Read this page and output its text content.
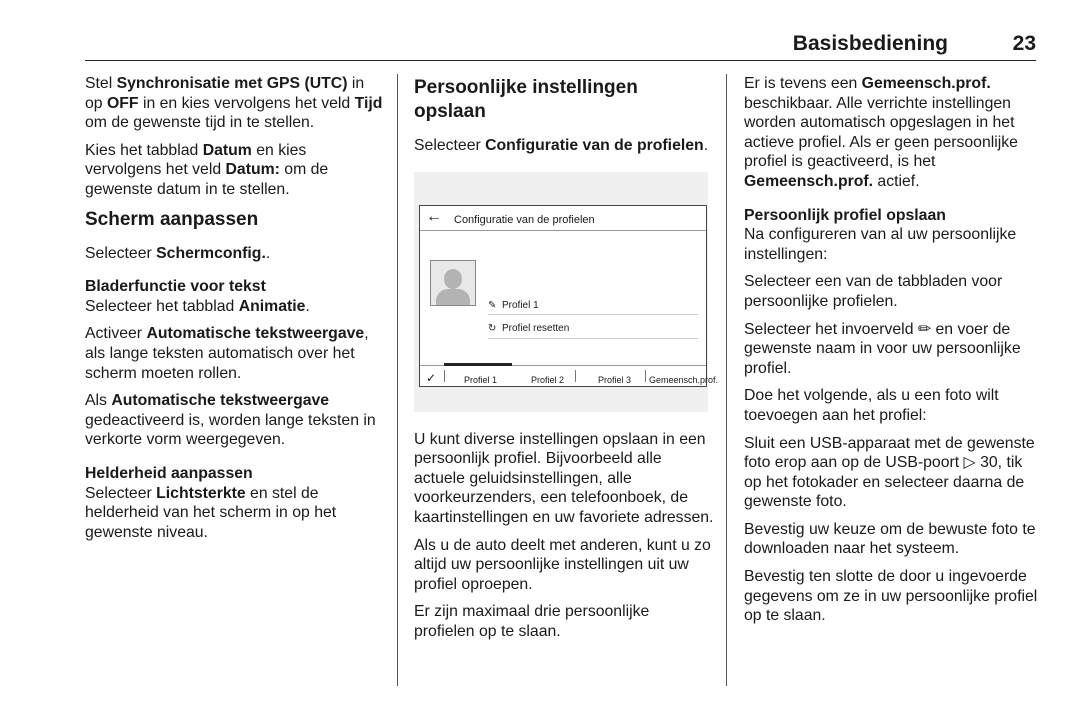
Basisbediening	23

Stel Synchronisatie met GPS (UTC) in op OFF in en kies vervolgens het veld Tijd om de gewenste tijd in te stellen.

Kies het tabblad Datum en kies vervolgens het veld Datum: om de gewenste datum in te stellen.

Scherm aanpassen

Selecteer Schermconfig..

Bladerfunctie voor tekst
Selecteer het tabblad Animatie.

Activeer Automatische tekstweergave, als lange teksten automatisch over het scherm moeten rollen.

Als Automatische tekstweergave gedeactiveerd is, worden lange teksten in verkorte vorm weergegeven.

Helderheid aanpassen
Selecteer Lichtsterkte en stel de helderheid van het scherm in op het gewenste niveau.

Persoonlijke instellingen opslaan

Selecteer Configuratie van de profielen.

← Configuratie van de profielen
✎ Profiel 1
↻ Profiel resetten
✓	Profiel 1	Profiel 2	Profiel 3 Gemeensch.prof.

U kunt diverse instellingen opslaan in een persoonlijk profiel. Bijvoorbeeld alle actuele geluidsinstellingen, alle voorkeurzenders, een telefoonboek, de kaartinstellingen en uw favoriete adressen.

Als u de auto deelt met anderen, kunt u zo altijd uw persoonlijke instellingen uit uw profiel oproepen.

Er zijn maximaal drie persoonlijke profielen op te slaan.

Er is tevens een Gemeensch.prof. beschikbaar. Alle verrichte instellingen worden automatisch opgeslagen in het actieve profiel. Als er geen persoonlijke profiel is geactiveerd, is het Gemeensch.prof. actief.

Persoonlijk profiel opslaan
Na configureren van al uw persoonlijke instellingen:

Selecteer een van de tabbladen voor persoonlijke profielen.

Selecteer het invoerveld ✏︎ en voer de gewenste naam in voor uw persoonlijke profiel.

Doe het volgende, als u een foto wilt toevoegen aan het profiel:

Sluit een USB-apparaat met de gewenste foto erop aan op de USB-poort ▷ 30, tik op het fotokader en selecteer daarna de gewenste foto.

Bevestig uw keuze om de bewuste foto te downloaden naar het systeem.

Bevestig ten slotte de door u ingevoerde gegevens om ze in uw persoonlijke profiel op te slaan.
